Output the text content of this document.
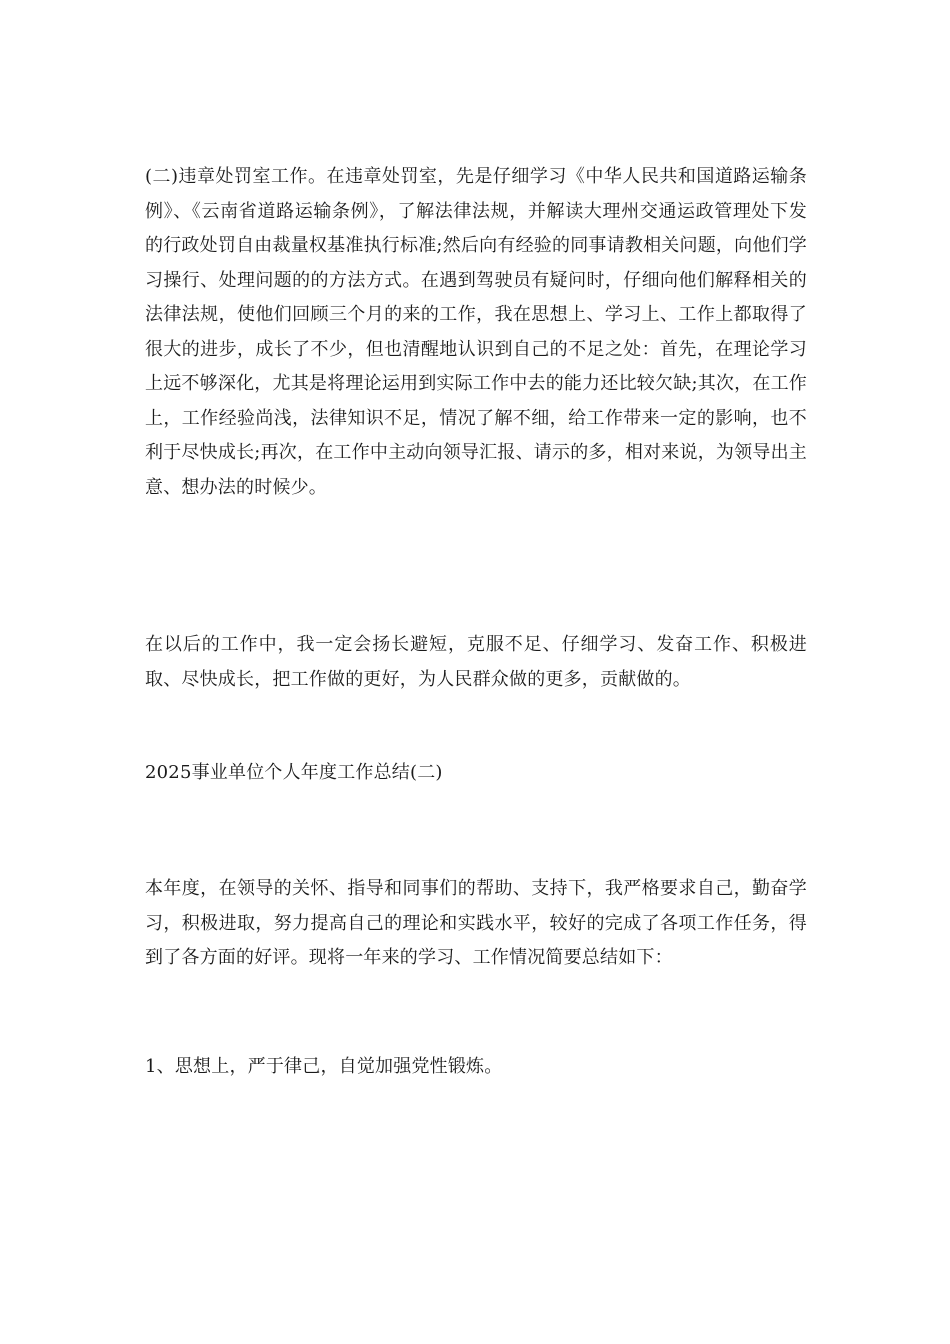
(二)违章处罚室工作。在违章处罚室，先是仔细学习《中华人民共和国道路运输条例》、《云南省道路运输条例》，了解法律法规，并解读大理州交通运政管理处下发的行政处罚自由裁量权基准执行标准;然后向有经验的同事请教相关问题，向他们学习操行、处理问题的的方法方式。在遇到驾驶员有疑问时，仔细向他们解释相关的法律法规，使他们回顾三个月的来的工作，我在思想上、学习上、工作上都取得了很大的进步，成长了不少，但也清醒地认识到自己的不足之处：首先，在理论学习上远不够深化，尤其是将理论运用到实际工作中去的能力还比较欠缺;其次，在工作上，工作经验尚浅，法律知识不足，情况了解不细，给工作带来一定的影响，也不利于尽快成长;再次，在工作中主动向领导汇报、请示的多，相对来说，为领导出主意、想办法的时候少。

在以后的工作中，我一定会扬长避短，克服不足、仔细学习、发奋工作、积极进取、尽快成长，把工作做的更好，为人民群众做的更多，贡献做的。

2025事业单位个人年度工作总结(二)

本年度，在领导的关怀、指导和同事们的帮助、支持下，我严格要求自己，勤奋学习，积极进取，努力提高自己的理论和实践水平，较好的完成了各项工作任务，得到了各方面的好评。现将一年来的学习、工作情况简要总结如下：

1、思想上，严于律己，自觉加强党性锻炼。
